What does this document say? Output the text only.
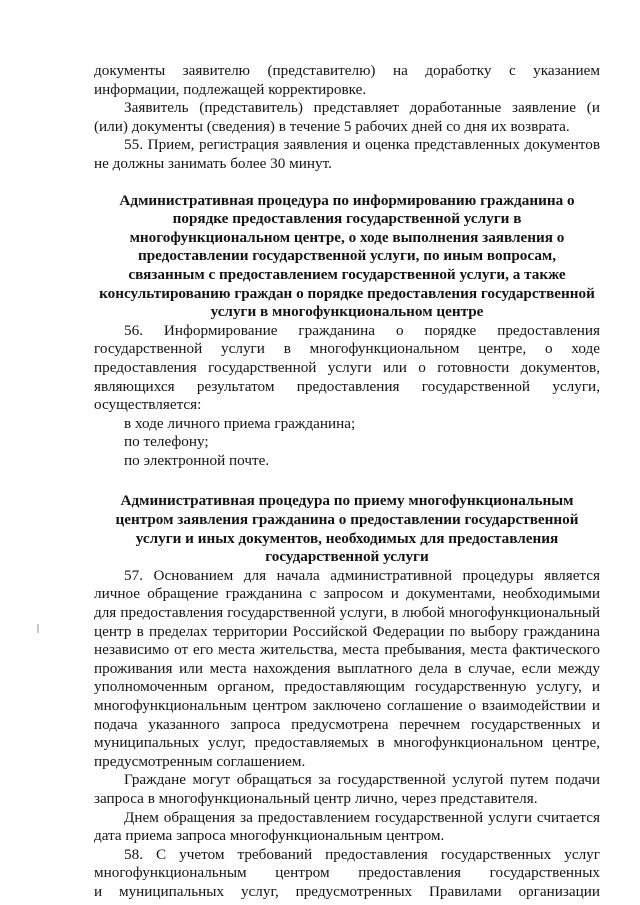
документы заявителю (представителю) на доработку с указанием

информации, подлежащей корректировке.

Заявитель (представитель) представляет доработанные заявление (и (или) документы (сведения) в течение 5 рабочих дней со дня их возврата.

55. Прием, регистрация заявления и оценка представленных документов не должны занимать более 30 минут.

Административная процедура по информированию гражданина о порядке предоставления государственной услуги в многофункциональном центре, о ходе выполнения заявления о предоставлении государственной услуги, по иным вопросам, связанным с предоставлением государственной услуги, а также консультированию граждан о порядке предоставления государственной услуги в многофункциональном центре

56. Информирование гражданина о порядке предоставления государственной услуги в многофункциональном центре, о ходе предоставления государственной услуги или о готовности документов, являющихся результатом предоставления государственной услуги, осуществляется:

в ходе личного приема гражданина;

по телефону;

по электронной почте.

Административная процедура по приему многофункциональным центром заявления гражданина о предоставлении государственной услуги и иных документов, необходимых для предоставления государственной услуги

57. Основанием для начала административной процедуры является личное обращение гражданина с запросом и документами, необходимыми для предоставления государственной услуги, в любой многофункциональный центр в пределах территории Российской Федерации по выбору гражданина независимо от его места жительства, места пребывания, места фактического проживания или места нахождения выплатного дела в случае, если между уполномоченным органом, предоставляющим государственную услугу, и многофункциональным центром заключено соглашение о взаимодействии и подача указанного запроса предусмотрена перечнем государственных и муниципальных услуг, предоставляемых в многофункциональном центре, предусмотренным соглашением.

Граждане могут обращаться за государственной услугой путем подачи запроса в многофункциональный центр лично, через представителя.

Днем обращения за предоставлением государственной услуги считается дата приема запроса многофункциональным центром.

58. С учетом требований предоставления государственных услуг

многофункциональным центром предоставления государственных

и муниципальных услуг, предусмотренных Правилами организации
